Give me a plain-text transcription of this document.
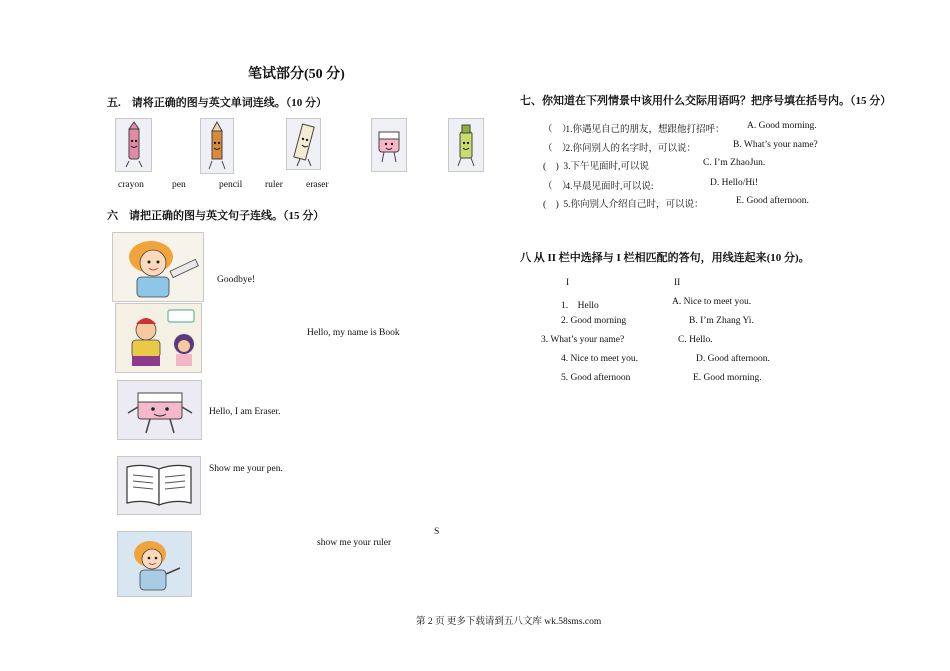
笔试部分(50 分)
五.　请将正确的图与英文单词连线。（10 分）
crayon	pen	pencil ruler eraser
六　请把正确的图与英文句子连线。（15 分）
Goodbye!
Hello, my name is Book
Hello, I am Eraser.
Show me your pen.
S
show me your ruler
七、你知道在下列情景中该用什么交际用语吗？把序号填在括号内。（15 分）
（　） 1.你遇见自己的朋友，想跟他打招呼： A. Good morning.
（　） 2.你问别人的名字时，可以说：	B. What’s your name?
(　) 3.下午见面时,可以说	C. I’m ZhaoJun.
（　） 4.早晨见面时,可以说:	D. Hello/Hi!
(　) 5.你向别人介绍自己时，可以说：	E. Good afternoon.
八 从 II 栏中选择与 I 栏相匹配的答句，用线连起来(10 分)。
I	II
1.　Hello	A. Nice to meet you.
2. Good morning	B. I’m Zhang Yi.
3. What’s your name?	C. Hello.
4. Nice to meet you.	D. Good afternoon.
5. Good afternoon	E. Good morning.
第 2 页 更多下载请到五八文库 wk.58sms.com
